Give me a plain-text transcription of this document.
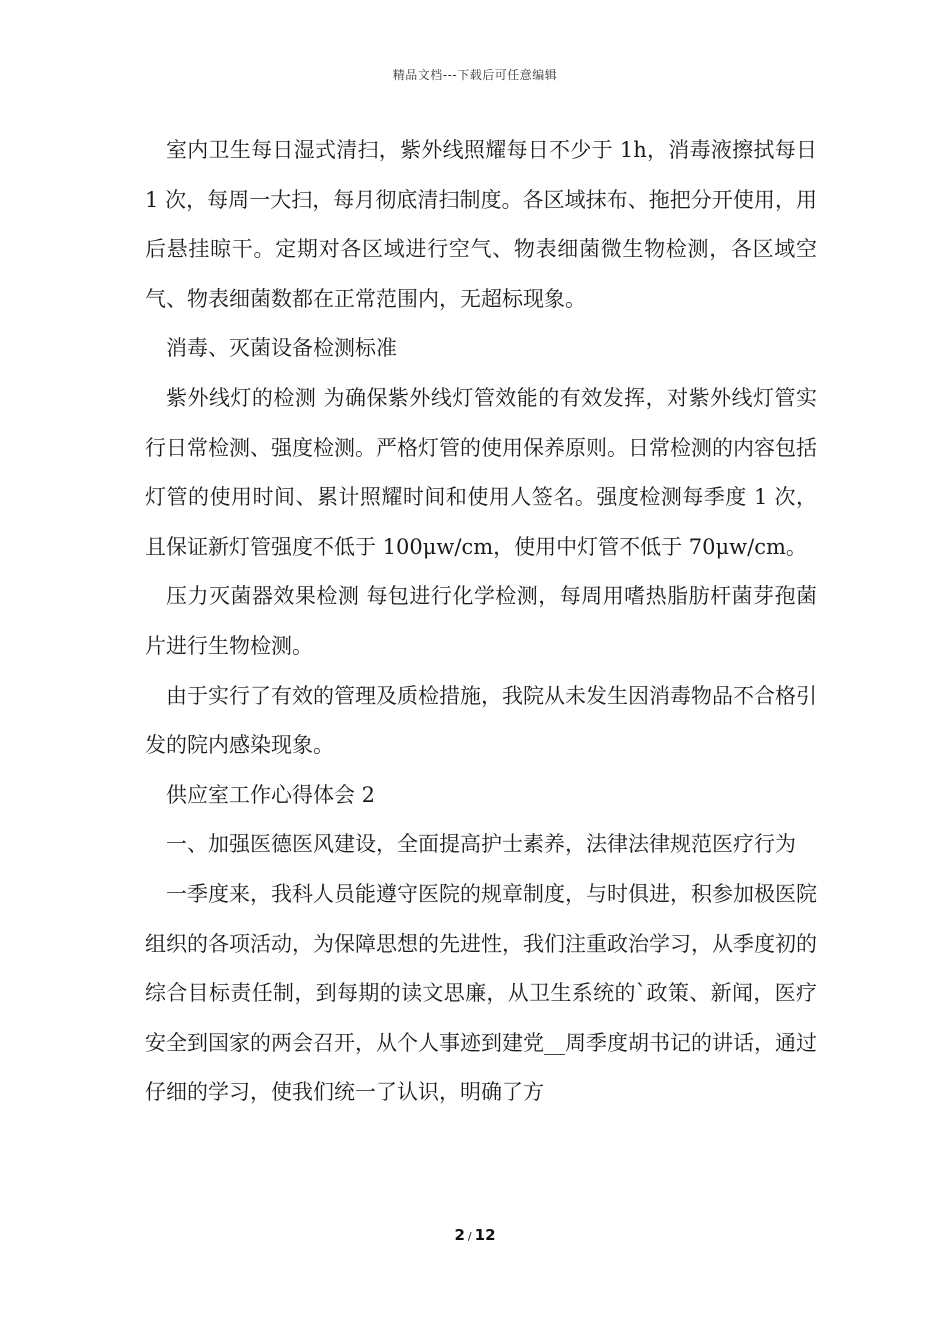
精品文档---下载后可任意编辑

室内卫生每日湿式清扫，紫外线照耀每日不少于 1h，消毒液擦拭每日 1 次，每周一大扫，每月彻底清扫制度。各区域抹布、拖把分开使用，用后悬挂晾干。定期对各区域进行空气、物表细菌微生物检测，各区域空气、物表细菌数都在正常范围内，无超标现象。

消毒、灭菌设备检测标准

紫外线灯的检测 为确保紫外线灯管效能的有效发挥，对紫外线灯管实行日常检测、强度检测。严格灯管的使用保养原则。日常检测的内容包括灯管的使用时间、累计照耀时间和使用人签名。强度检测每季度 1 次，且保证新灯管强度不低于 100μw/cm，使用中灯管不低于 70μw/cm。

压力灭菌器效果检测 每包进行化学检测，每周用嗜热脂肪杆菌芽孢菌片进行生物检测。

由于实行了有效的管理及质检措施，我院从未发生因消毒物品不合格引发的院内感染现象。

供应室工作心得体会 2

一、加强医德医风建设，全面提高护士素养，法律法律规范医疗行为

一季度来，我科人员能遵守医院的规章制度，与时俱进，积参加极医院组织的各项活动，为保障思想的先进性，我们注重政治学习，从季度初的综合目标责任制，到每期的读文思廉，从卫生系统的`政策、新闻，医疗安全到国家的两会召开，从个人事迹到建党__周季度胡书记的讲话，通过仔细的学习，使我们统一了认识，明确了方

2 / 12
